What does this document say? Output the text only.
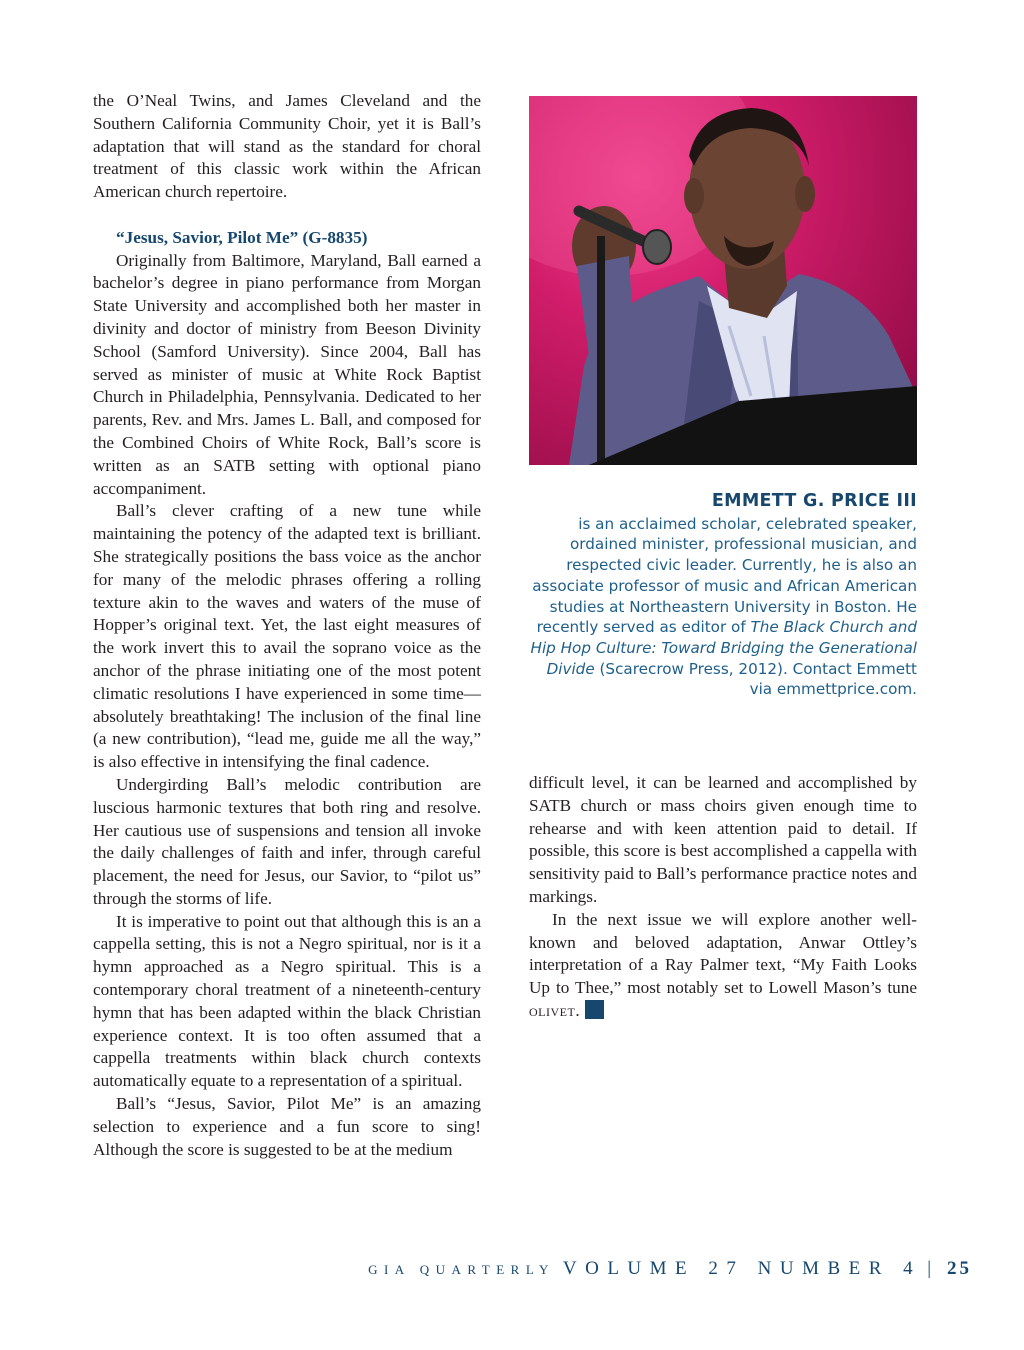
the O’Neal Twins, and James Cleveland and the Southern California Community Choir, yet it is Ball’s adaptation that will stand as the standard for choral treatment of this classic work within the African American church repertoire.

“Jesus, Savior, Pilot Me” (G-8835)

Originally from Baltimore, Maryland, Ball earned a bachelor’s degree in piano performance from Morgan State University and accomplished both her master in divinity and doctor of ministry from Beeson Divinity School (Samford University). Since 2004, Ball has served as minister of music at White Rock Baptist Church in Philadelphia, Pennsylvania. Dedicated to her parents, Rev. and Mrs. James L. Ball, and composed for the Combined Choirs of White Rock, Ball’s score is written as an SATB setting with optional piano accompaniment.

Ball’s clever crafting of a new tune while maintaining the potency of the adapted text is brilliant. She strategically positions the bass voice as the anchor for many of the melodic phrases offering a rolling texture akin to the waves and waters of the muse of Hopper’s original text. Yet, the last eight measures of the work invert this to avail the soprano voice as the anchor of the phrase initiating one of the most potent climatic resolutions I have experienced in some time—absolutely breathtaking! The inclusion of the final line (a new contribution), “lead me, guide me all the way,” is also effective in intensifying the final cadence.

Undergirding Ball’s melodic contribution are luscious harmonic textures that both ring and resolve. Her cautious use of suspensions and tension all invoke the daily challenges of faith and infer, through careful placement, the need for Jesus, our Savior, to “pilot us” through the storms of life.

It is imperative to point out that although this is an a cappella setting, this is not a Negro spiritual, nor is it a hymn approached as a Negro spiritual. This is a contemporary choral treatment of a nineteenth-century hymn that has been adapted within the black Christian experience context. It is too often assumed that a cappella treatments within black church contexts automatically equate to a representation of a spiritual.

Ball’s “Jesus, Savior, Pilot Me” is an amazing selection to experience and a fun score to sing! Although the score is suggested to be at the medium

EMMETT G. PRICE III

is an acclaimed scholar, celebrated speaker, ordained minister, professional musician, and respected civic leader. Currently, he is also an associate professor of music and African American studies at Northeastern University in Boston. He recently served as editor of The Black Church and Hip Hop Culture: Toward Bridging the Generational Divide (Scarecrow Press, 2012). Contact Emmett via emmettprice.com.

difficult level, it can be learned and accomplished by SATB church or mass choirs given enough time to rehearse and with keen attention paid to detail. If possible, this score is best accomplished a cappella with sensitivity paid to Ball’s performance practice notes and markings.

In the next issue we will explore another well-known and beloved adaptation, Anwar Ottley’s interpretation of a Ray Palmer text, “My Faith Looks Up to Thee,” most notably set to Lowell Mason’s tune olivet.

GIA QUARTERLY VOLUME 27 NUMBER 4 | 25
